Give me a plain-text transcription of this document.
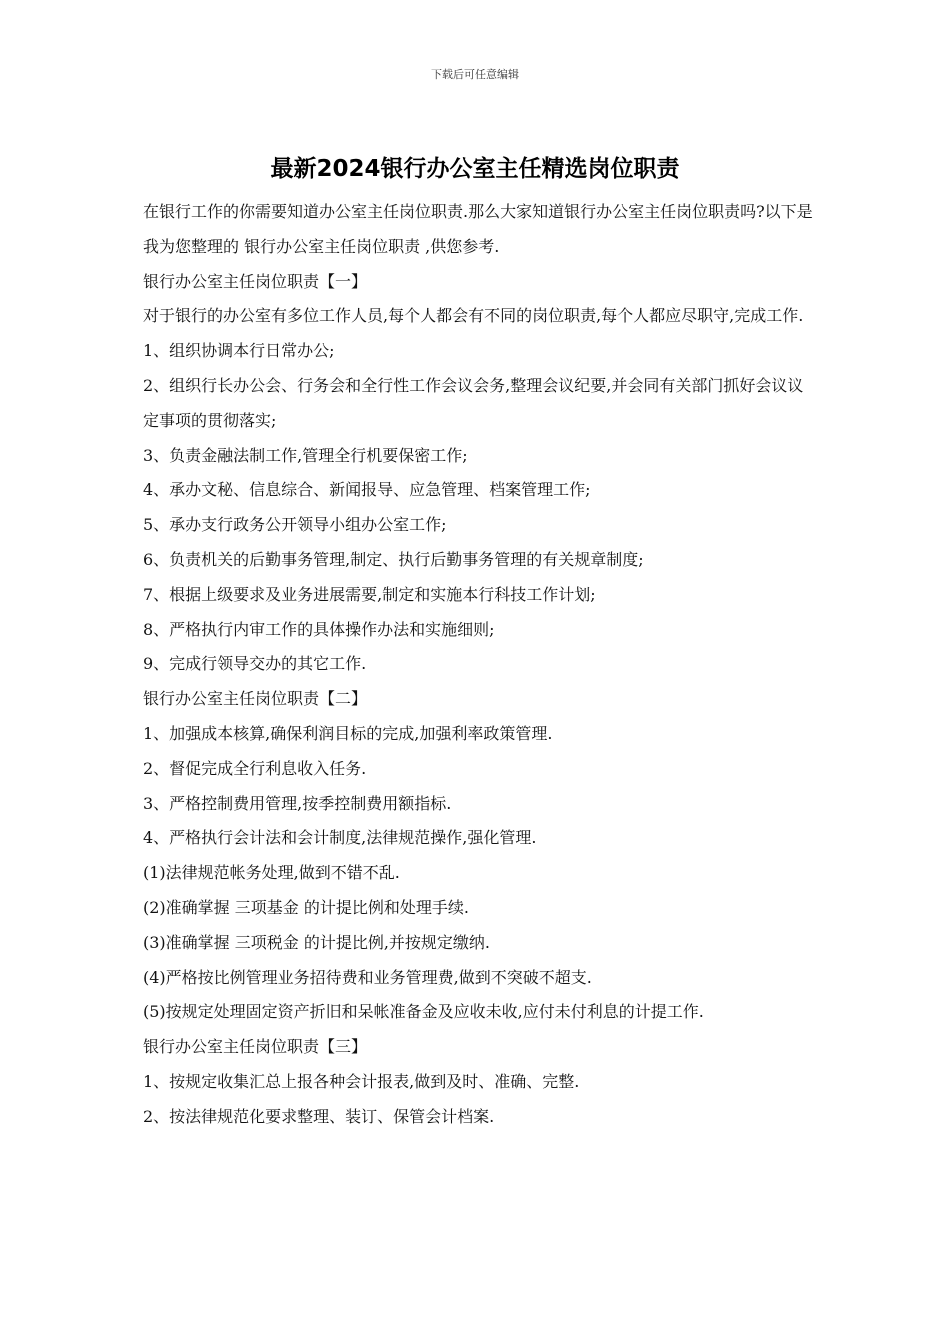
下载后可任意编辑
最新2024银行办公室主任精选岗位职责

在银行工作的你需要知道办公室主任岗位职责.那么大家知道银行办公室主任岗位职责吗?以下是我为您整理的 银行办公室主任岗位职责 ,供您参考.

银行办公室主任岗位职责【一】

对于银行的办公室有多位工作人员,每个人都会有不同的岗位职责,每个人都应尽职守,完成工作.

1、组织协调本行日常办公;

2、组织行长办公会、行务会和全行性工作会议会务,整理会议纪要,并会同有关部门抓好会议议定事项的贯彻落实;

3、负责金融法制工作,管理全行机要保密工作;

4、承办文秘、信息综合、新闻报导、应急管理、档案管理工作;

5、承办支行政务公开领导小组办公室工作;

6、负责机关的后勤事务管理,制定、执行后勤事务管理的有关规章制度;

7、根据上级要求及业务进展需要,制定和实施本行科技工作计划;

8、严格执行内审工作的具体操作办法和实施细则;

9、完成行领导交办的其它工作.

银行办公室主任岗位职责【二】

1、加强成本核算,确保利润目标的完成,加强利率政策管理.

2、督促完成全行利息收入任务.

3、严格控制费用管理,按季控制费用额指标.

4、严格执行会计法和会计制度,法律规范操作,强化管理.

(1)法律规范帐务处理,做到不错不乱.

(2)准确掌握 三项基金 的计提比例和处理手续.

(3)准确掌握 三项税金 的计提比例,并按规定缴纳.

(4)严格按比例管理业务招待费和业务管理费,做到不突破不超支.

(5)按规定处理固定资产折旧和呆帐准备金及应收未收,应付未付利息的计提工作.

银行办公室主任岗位职责【三】

1、按规定收集汇总上报各种会计报表,做到及时、准确、完整.

2、按法律规范化要求整理、装订、保管会计档案.
